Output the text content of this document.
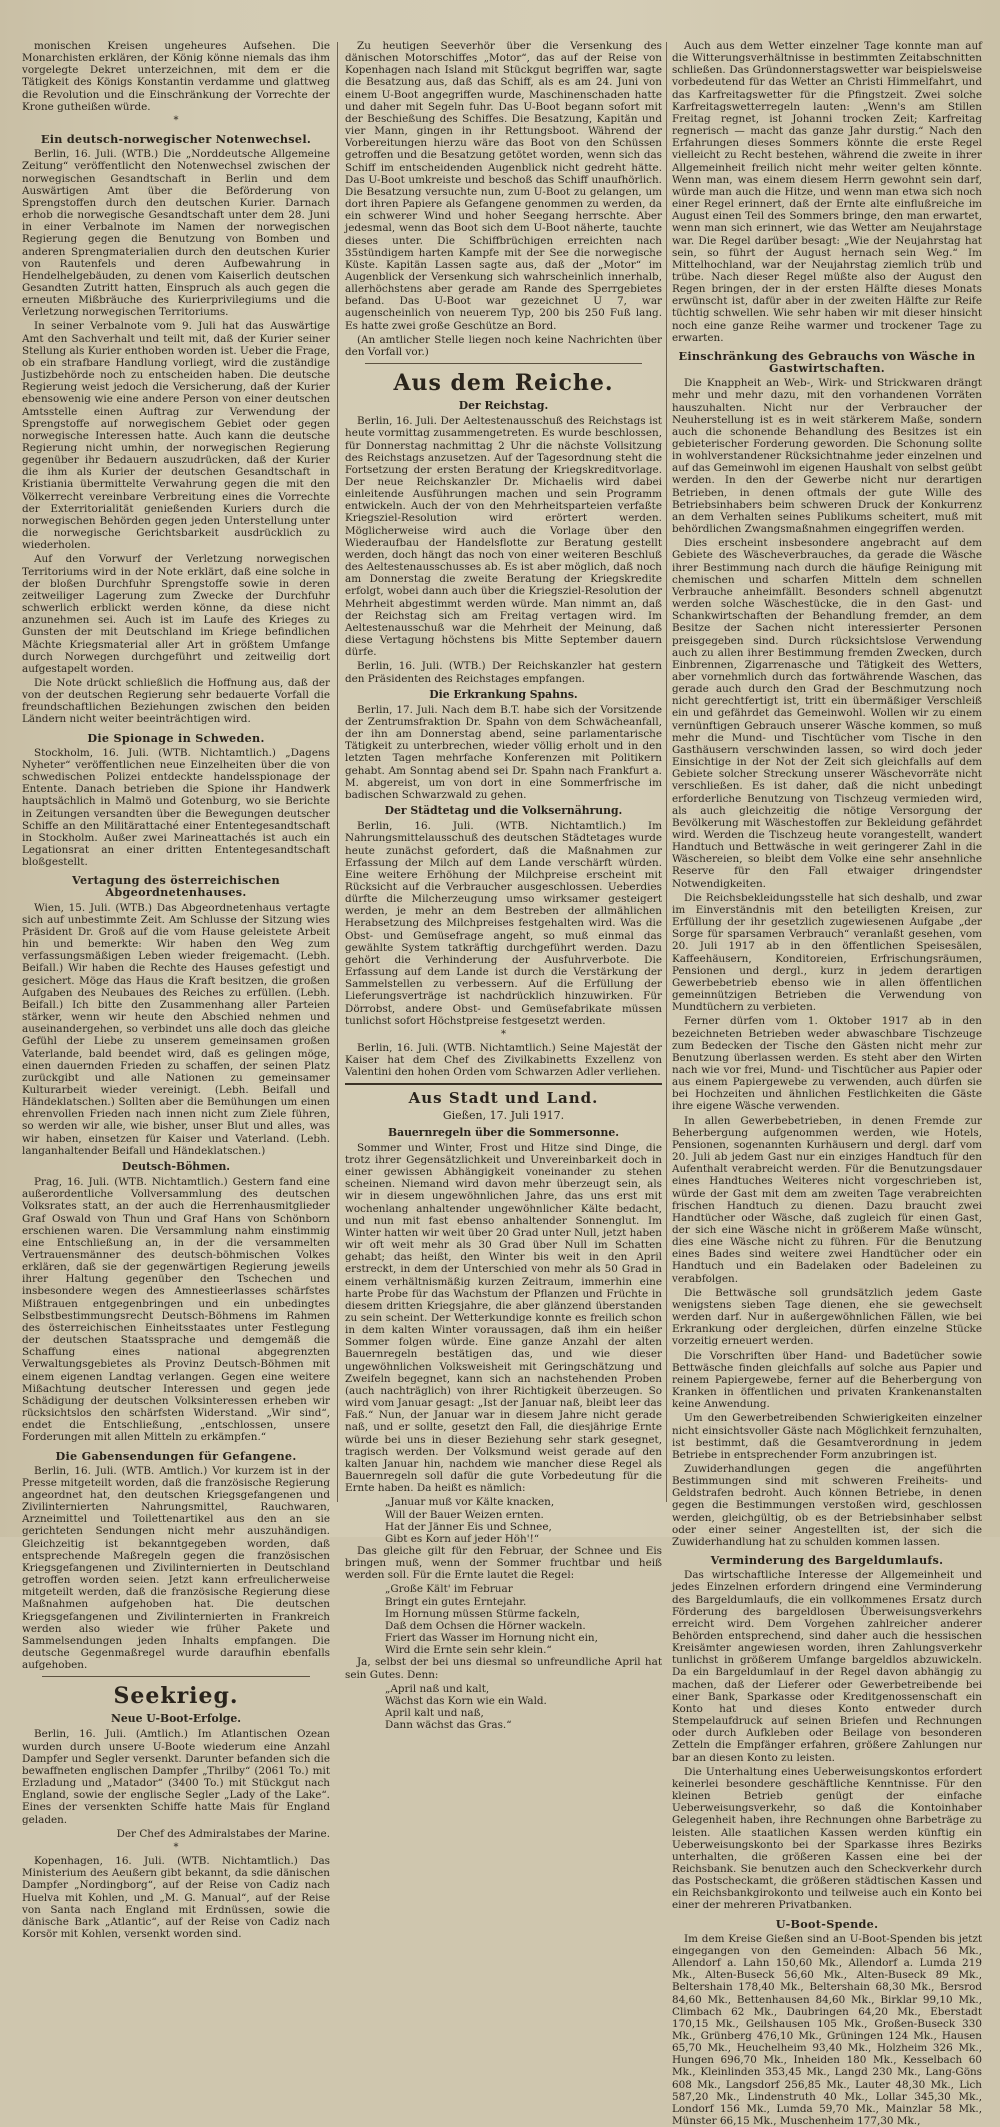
monischen Kreisen ungeheures Aufsehen. Die Monarchisten erklären, der König könne niemals das ihm vorgelegte Dekret unterzeichnen, mit dem er die Tätigkeit des Königs Konstantin verdamme und glattweg die Revolution und die Einschränkung der Vorrechte der Krone gutheißen würde.

*
Ein deutsch-norwegischer Notenwechsel.

Berlin, 16. Juli. (WTB.) Die „Norddeutsche Allgemeine Zeitung“ veröffentlicht den Notenwechsel zwischen der norwegischen Gesandtschaft in Berlin und dem Auswärtigen Amt über die Beförderung von Sprengstoffen durch den deutschen Kurier. Darnach erhob die norwegische Gesandtschaft unter dem 28. Juni in einer Verbalnote im Namen der norwegischen Regierung gegen die Benutzung von Bomben und anderen Sprengmaterialien durch den deutschen Kurier von Rautenfels und deren Aufbewahrung in Hendelhelgebäuden, zu denen vom Kaiserlich deutschen Gesandten Zutritt hatten, Einspruch als auch gegen die erneuten Mißbräuche des Kurierprivilegiums und die Verletzung norwegischen Territoriums.

In seiner Verbalnote vom 9. Juli hat das Auswärtige Amt den Sachverhalt und teilt mit, daß der Kurier seiner Stellung als Kurier enthoben worden ist. Ueber die Frage, ob ein strafbare Handlung vorliegt, wird die zuständige Justizbehörde noch zu entscheiden haben. Die deutsche Regierung weist jedoch die Versicherung, daß der Kurier ebensowenig wie eine andere Person von einer deutschen Amtsstelle einen Auftrag zur Verwendung der Sprengstoffe auf norwegischem Gebiet oder gegen norwegische Interessen hatte. Auch kann die deutsche Regierung nicht umhin, der norwegischen Regierung gegenüber ihr Bedauern auszudrücken, daß der Kurier die ihm als Kurier der deutschen Gesandtschaft in Kristiania übermittelte Verwahrung gegen die mit den Völkerrecht vereinbare Verbreitung eines die Vorrechte der Exterritorialität genießenden Kuriers durch die norwegischen Behörden gegen jeden Unterstellung unter die norwegische Gerichtsbarkeit ausdrücklich zu wiederholen.

Auf den Vorwurf der Verletzung norwegischen Territoriums wird in der Note erklärt, daß eine solche in der bloßen Durchfuhr Sprengstoffe sowie in deren zeitweiliger Lagerung zum Zwecke der Durchfuhr schwerlich erblickt werden könne, da diese nicht anzunehmen sei. Auch ist im Laufe des Krieges zu Gunsten der mit Deutschland im Kriege befindlichen Mächte Kriegsmaterial aller Art in größtem Umfange durch Norwegen durchgeführt und zeitweilig dort aufgestapelt worden.

Die Note drückt schließlich die Hoffnung aus, daß der von der deutschen Regierung sehr bedauerte Vorfall die freundschaftlichen Beziehungen zwischen den beiden Ländern nicht weiter beeinträchtigen wird.

Die Spionage in Schweden.

Stockholm, 16. Juli. (WTB. Nichtamtlich.) „Dagens Nyheter“ veröffentlichen neue Einzelheiten über die von schwedischen Polizei entdeckte handelsspionage der Entente. Danach betrieben die Spione ihr Handwerk hauptsächlich in Malmö und Gotenburg, wo sie Berichte in Zeitungen versandten über die Bewegungen deutscher Schiffe an den Militärattaché einer Ententegesandtschaft in Stockholm. Außer zwei Marineattachés ist auch ein Legationsrat an einer dritten Ententegesandtschaft bloßgestellt.

Vertagung des österreichischen Abgeordnetenhauses.

Wien, 15. Juli. (WTB.) Das Abgeordnetenhaus vertagte sich auf unbestimmte Zeit. Am Schlusse der Sitzung wies Präsident Dr. Groß auf die vom Hause geleistete Arbeit hin und bemerkte: Wir haben den Weg zum verfassungsmäßigen Leben wieder freigemacht. (Lebh. Beifall.) Wir haben die Rechte des Hauses gefestigt und gesichert. Möge das Haus die Kraft besitzen, die großen Aufgaben des Neubaues des Reiches zu erfüllen. (Lebh. Beifall.) Ich bitte den Zusammenhang aller Parteien stärker, wenn wir heute den Abschied nehmen und auseinandergehen, so verbindet uns alle doch das gleiche Gefühl der Liebe zu unserem gemeinsamen großen Vaterlande, bald beendet wird, daß es gelingen möge, einen dauernden Frieden zu schaffen, der seinen Platz zurückgibt und alle Nationen zu gemeinsamer Kulturarbeit wieder vereinigt. (Lebh. Beifall und Händeklatschen.) Sollten aber die Bemühungen um einen ehrenvollen Frieden nach innen nicht zum Ziele führen, so werden wir alle, wie bisher, unser Blut und alles, was wir haben, einsetzen für Kaiser und Vaterland. (Lebh. langanhaltender Beifall und Händeklatschen.)

Deutsch-Böhmen.

Prag, 16. Juli. (WTB. Nichtamtlich.) Gestern fand eine außerordentliche Vollversammlung des deutschen Volksrates statt, an der auch die Herrenhausmitglieder Graf Oswald von Thun und Graf Hans von Schönborn erschienen waren. Die Versammlung nahm einstimmig eine Entschließung an, in der die versammelten Vertrauensmänner des deutsch-böhmischen Volkes erklären, daß sie der gegenwärtigen Regierung jeweils ihrer Haltung gegenüber den Tschechen und insbesondere wegen des Amnestieerlasses schärfstes Mißtrauen entgegenbringen und ein unbedingtes Selbstbestimmungsrecht Deutsch-Böhmens im Rahmen des österreichischen Einheitsstaates unter Festlegung der deutschen Staatssprache und demgemäß die Schaffung eines national abgegrenzten Verwaltungsgebietes als Provinz Deutsch-Böhmen mit einem eigenen Landtag verlangen. Gegen eine weitere Mißachtung deutscher Interessen und gegen jede Schädigung der deutschen Volksinteressen erheben wir rücksichtslos den schärfsten Widerstand. „Wir sind“, endet die Entschließung, „entschlossen, unsere Forderungen mit allen Mitteln zu erkämpfen.“

Die Gabensendungen für Gefangene.

Berlin, 16. Juli. (WTB. Amtlich.) Vor kurzem ist in der Presse mitgeteilt worden, daß die französische Regierung angeordnet hat, den deutschen Kriegsgefangenen und Zivilinternierten Nahrungsmittel, Rauchwaren, Arzneimittel und Toilettenartikel aus den an sie gerichteten Sendungen nicht mehr auszuhändigen. Gleichzeitig ist bekanntgegeben worden, daß entsprechende Maßregeln gegen die französischen Kriegsgefangenen und Zivilinternierten in Deutschland getroffen worden seien. Jetzt kann erfreulicherweise mitgeteilt werden, daß die französische Regierung diese Maßnahmen aufgehoben hat. Die deutschen Kriegsgefangenen und Zivilinternierten in Frankreich werden also wieder wie früher Pakete und Sammelsendungen jeden Inhalts empfangen. Die deutsche Gegenmaßregel wurde daraufhin ebenfalls aufgehoben.

Seekrieg.
Neue U-Boot-Erfolge.

Berlin, 16. Juli. (Amtlich.) Im Atlantischen Ozean wurden durch unsere U-Boote wiederum eine Anzahl Dampfer und Segler versenkt. Darunter befanden sich die bewaffneten englischen Dampfer „Thrilby“ (2061 To.) mit Erzladung und „Matador“ (3400 To.) mit Stückgut nach England, sowie der englische Segler „Lady of the Lake“. Eines der versenkten Schiffe hatte Mais für England geladen.

Der Chef des Admiralstabes der Marine.

*

Kopenhagen, 16. Juli. (WTB. Nichtamtlich.) Das Ministerium des Aeußern gibt bekannt, da sdie dänischen Dampfer „Nordingborg“, auf der Reise von Cadiz nach Huelva mit Kohlen, und „M. G. Manual“, auf der Reise von Santa nach England mit Erdnüssen, sowie die dänische Bark „Atlantic“, auf der Reise von Cadiz nach Korsör mit Kohlen, versenkt worden sind.

Zu heutigen Seeverhör über die Versenkung des dänischen Motorschiffes „Motor“, das auf der Reise von Kopenhagen nach Island mit Stückgut begriffen war, sagte die Besatzung aus, daß das Schiff, als es am 24. Juni von einem U-Boot angegriffen wurde, Maschinenschaden hatte und daher mit Segeln fuhr. Das U-Boot begann sofort mit der Beschießung des Schiffes. Die Besatzung, Kapitän und vier Mann, gingen in ihr Rettungsboot. Während der Vorbereitungen hierzu wäre das Boot von den Schüssen getroffen und die Besatzung getötet worden, wenn sich das Schiff im entscheidenden Augenblick nicht gedreht hätte. Das U-Boot umkreiste und beschoß das Schiff unaufhörlich. Die Besatzung versuchte nun, zum U-Boot zu gelangen, um dort ihren Papiere als Gefangene genommen zu werden, da ein schwerer Wind und hoher Seegang herrschte. Aber jedesmal, wenn das Boot sich dem U-Boot näherte, tauchte dieses unter. Die Schiffbrüchigen erreichten nach 35stündigem harten Kampfe mit der See die norwegische Küste. Kapitän Lassen sagte aus, daß der „Motor“ im Augenblick der Versenkung sich wahrscheinlich innerhalb, allerhöchstens aber gerade am Rande des Sperrgebietes befand. Das U-Boot war gezeichnet U 7, war augenscheinlich von neuerem Typ, 200 bis 250 Fuß lang. Es hatte zwei große Geschütze an Bord.

(An amtlicher Stelle liegen noch keine Nachrichten über den Vorfall vor.)

Aus dem Reiche.
Der Reichstag.

Berlin, 16. Juli. Der Aeltestenausschuß des Reichstags ist heute vormittag zusammengetreten. Es wurde beschlossen, für Donnerstag nachmittag 2 Uhr die nächste Vollsitzung des Reichstags anzusetzen. Auf der Tagesordnung steht die Fortsetzung der ersten Beratung der Kriegskreditvorlage. Der neue Reichskanzler Dr. Michaelis wird dabei einleitende Ausführungen machen und sein Programm entwickeln. Auch der von den Mehrheitsparteien verfaßte Kriegsziel-Resolution wird erörtert werden. Möglicherweise wird auch die Vorlage über den Wiederaufbau der Handelsflotte zur Beratung gestellt werden, doch hängt das noch von einer weiteren Beschluß des Aeltestenausschusses ab. Es ist aber möglich, daß noch am Donnerstag die zweite Beratung der Kriegskredite erfolgt, wobei dann auch über die Kriegsziel-Resolution der Mehrheit abgestimmt werden würde. Man nimmt an, daß der Reichstag sich am Freitag vertagen wird. Im Aeltestenausschuß war die Mehrheit der Meinung, daß diese Vertagung höchstens bis Mitte September dauern dürfe.

Berlin, 16. Juli. (WTB.) Der Reichskanzler hat gestern den Präsidenten des Reichstages empfangen.

Die Erkrankung Spahns.

Berlin, 17. Juli. Nach dem B.T. habe sich der Vorsitzende der Zentrumsfraktion Dr. Spahn von dem Schwächeanfall, der ihn am Donnerstag abend, seine parlamentarische Tätigkeit zu unterbrechen, wieder völlig erholt und in den letzten Tagen mehrfache Konferenzen mit Politikern gehabt. Am Sonntag abend sei Dr. Spahn nach Frankfurt a. M. abgereist, um von dort in eine Sommerfrische im badischen Schwarzwald zu gehen.

Der Städtetag und die Volksernährung.

Berlin, 16. Juli. (WTB. Nichtamtlich.) Im Nahrungsmittelausschuß des deutschen Städtetages wurde heute zunächst gefordert, daß die Maßnahmen zur Erfassung der Milch auf dem Lande verschärft würden. Eine weitere Erhöhung der Milchpreise erscheint mit Rücksicht auf die Verbraucher ausgeschlossen. Ueberdies dürfte die Milcherzeugung umso wirksamer gesteigert werden, je mehr an dem Bestreben der allmählichen Herabsetzung des Milchpreises festgehalten wird. Was die Obst- und Gemüsefrage angeht, so muß einmal das gewählte System tatkräftig durchgeführt werden. Dazu gehört die Verhinderung der Ausfuhrverbote. Die Erfassung auf dem Lande ist durch die Verstärkung der Sammelstellen zu verbessern. Auf die Erfüllung der Lieferungsverträge ist nachdrücklich hinzuwirken. Für Dörrobst, andere Obst- und Gemüsefabrikate müssen tunlichst sofort Höchstpreise festgesetzt werden.

*

Berlin, 16. Juli. (WTB. Nichtamtlich.) Seine Majestät der Kaiser hat dem Chef des Zivilkabinetts Exzellenz von Valentini den hohen Orden vom Schwarzen Adler verliehen.

Aus Stadt und Land.
Gießen, 17. Juli 1917.
Bauernregeln über die Sommersonne.

Sommer und Winter, Frost und Hitze sind Dinge, die trotz ihrer Gegensätzlichkeit und Unvereinbarkeit doch in einer gewissen Abhängigkeit voneinander zu stehen scheinen. Niemand wird davon mehr überzeugt sein, als wir in diesem ungewöhnlichen Jahre, das uns erst mit wochenlang anhaltender ungewöhnlicher Kälte bedacht, und nun mit fast ebenso anhaltender Sonnenglut. Im Winter hatten wir weit über 20 Grad unter Null, jetzt haben wir oft weit mehr als 30 Grad über Null im Schatten gehabt; das heißt, den Winter bis weit in den April erstreckt, in dem der Unterschied von mehr als 50 Grad in einem verhältnismäßig kurzen Zeitraum, immerhin eine harte Probe für das Wachstum der Pflanzen und Früchte in diesem dritten Kriegsjahre, die aber glänzend überstanden zu sein scheint. Der Wetterkundige konnte es freilich schon in dem kalten Winter voraussagen, daß ihm ein heißer Sommer folgen würde. Eine ganze Anzahl der alten Bauernregeln bestätigen das, und wie dieser ungewöhnlichen Volksweisheit mit Geringschätzung und Zweifeln begegnet, kann sich an nachstehenden Proben (auch nachträglich) von ihrer Richtigkeit überzeugen. So wird vom Januar gesagt: „Ist der Januar naß, bleibt leer das Faß.“ Nun, der Januar war in diesem Jahre nicht gerade naß, und er sollte, gesetzt den Fall, die diesjährige Ernte würde bei uns in dieser Beziehung sehr stark gesegnet, tragisch werden. Der Volksmund weist gerade auf den kalten Januar hin, nachdem wie mancher diese Regel als Bauernregeln soll dafür die gute Vorbedeutung für die Ernte haben. Da heißt es nämlich:

„Januar muß vor Kälte knacken,
Will der Bauer Weizen ernten.
Hat der Jänner Eis und Schnee,
Gibt es Korn auf jeder Höh'!“

Das gleiche gilt für den Februar, der Schnee und Eis bringen muß, wenn der Sommer fruchtbar und heiß werden soll. Für die Ernte lautet die Regel:

„Große Kält' im Februar
Bringt ein gutes Erntejahr.
Im Hornung müssen Stürme fackeln,
Daß dem Ochsen die Hörner wackeln.
Friert das Wasser im Hornung nicht ein,
Wird die Ernte sein sehr klein.“

Ja, selbst der bei uns diesmal so unfreundliche April hat sein Gutes. Denn:

„April naß und kalt,
Wächst das Korn wie ein Wald.
April kalt und naß,
Dann wächst das Gras.“

Auch aus dem Wetter einzelner Tage konnte man auf die Witterungsverhältnisse in bestimmten Zeitabschnitten schließen. Das Gründonnerstagswetter war beispielsweise vorbedeutend für das Wetter an Christi Himmelfahrt, und das Karfreitagswetter für die Pfingstzeit. Zwei solche Karfreitagswetterregeln lauten: „Wenn's am Stillen Freitag regnet, ist Johanni trocken Zeit; Karfreitag regnerisch — macht das ganze Jahr durstig.“ Nach den Erfahrungen dieses Sommers könnte die erste Regel vielleicht zu Recht bestehen, während die zweite in ihrer Allgemeinheit freilich nicht mehr weiter gelten könnte. Wenn man, was einem diesem Herrn gewohnt sein darf, würde man auch die Hitze, und wenn man etwa sich noch einer Regel erinnert, daß der Ernte alte einflußreiche im August einen Teil des Sommers bringe, den man erwartet, wenn man sich erinnert, wie das Wetter am Neujahrstage war. Die Regel darüber besagt: „Wie der Neujahrstag hat sein, so führt der August hernach sein Weg.“ Im Mittelhochland, war der Neujahrstag ziemlich trüb und trübe. Nach dieser Regel müßte also der August den Regen bringen, der in der ersten Hälfte dieses Monats erwünscht ist, dafür aber in der zweiten Hälfte zur Reife tüchtig schwellen. Wie sehr haben wir mit dieser hinsicht noch eine ganze Reihe warmer und trockener Tage zu erwarten.

Einschränkung des Gebrauchs von Wäsche in Gastwirtschaften.

Die Knappheit an Web-, Wirk- und Strickwaren drängt mehr und mehr dazu, mit den vorhandenen Vorräten hauszuhalten. Nicht nur der Verbraucher der Neuherstellung ist es in weit stärkerem Maße, sondern auch die schonende Behandlung des Besitzes ist ein gebieterischer Forderung geworden. Die Schonung sollte in wohlverstandener Rücksichtnahme jeder einzelnen und auf das Gemeinwohl im eigenen Haushalt von selbst geübt werden. In den der Gewerbe nicht nur derartigen Betrieben, in denen oftmals der gute Wille des Betriebsinhabers beim schweren Druck der Konkurrenz an dem Verhalten seines Publikums scheitert, muß mit behördlichen Zwangsmaßnahmen eingegriffen werden.

Dies erscheint insbesondere angebracht auf dem Gebiete des Wäscheverbrauches, da gerade die Wäsche ihrer Bestimmung nach durch die häufige Reinigung mit chemischen und scharfen Mitteln dem schnellen Verbrauche anheimfällt. Besonders schnell abgenutzt werden solche Wäschestücke, die in den Gast- und Schankwirtschaften der Behandlung fremder, an dem Besitze der Sachen nicht interessierter Personen preisgegeben sind. Durch rücksichtslose Verwendung auch zu allen ihrer Bestimmung fremden Zwecken, durch Einbrennen, Zigarrenasche und Tätigkeit des Wetters, aber vornehmlich durch das fortwährende Waschen, das gerade auch durch den Grad der Beschmutzung noch nicht gerechtfertigt ist, tritt ein übermäßiger Verschleiß ein und gefährdet das Gemeinwohl. Wollen wir zu einem vernünftigen Gebrauch unserer Wäsche kommen, so muß mehr die Mund- und Tischtücher vom Tische in den Gasthäusern verschwinden lassen, so wird doch jeder Einsichtige in der Not der Zeit sich gleichfalls auf dem Gebiete solcher Streckung unserer Wäschevorräte nicht verschließen. Es ist daher, daß die nicht unbedingt erforderliche Benutzung von Tischzeug vermieden wird, als auch gleichzeitig die nötige Versorgung der Bevölkerung mit Wäschestoffen zur Bekleidung gefährdet wird. Werden die Tischzeug heute vorangestellt, wandert Handtuch und Bettwäsche in weit geringerer Zahl in die Wäschereien, so bleibt dem Volke eine sehr ansehnliche Reserve für den Fall etwaiger dringendster Notwendigkeiten.

Die Reichsbekleidungsstelle hat sich deshalb, und zwar im Einverständnis mit den beteiligten Kreisen, zur Erfüllung der ihr gesetzlich zugewiesenen Aufgabe „der Sorge für sparsamen Verbrauch“ veranlaßt gesehen, vom 20. Juli 1917 ab in den öffentlichen Speisesälen, Kaffeehäusern, Konditoreien, Erfrischungsräumen, Pensionen und dergl., kurz in jedem derartigen Gewerbebetrieb ebenso wie in allen öffentlichen gemeinnützigen Betrieben die Verwendung von Mundtüchern zu verbieten.

Ferner dürfen vom 1. Oktober 1917 ab in den bezeichneten Betrieben weder abwaschbare Tischzeuge zum Bedecken der Tische den Gästen nicht mehr zur Benutzung überlassen werden. Es steht aber den Wirten nach wie vor frei, Mund- und Tischtücher aus Papier oder aus einem Papiergewebe zu verwenden, auch dürfen sie bei Hochzeiten und ähnlichen Festlichkeiten die Gäste ihre eigene Wäsche verwenden.

In allen Gewerbebetrieben, in denen Fremde zur Beherbergung aufgenommen werden, wie Hotels, Pensionen, sogenannten Kurhäusern und dergl. darf vom 20. Juli ab jedem Gast nur ein einziges Handtuch für den Aufenthalt verabreicht werden. Für die Benutzungsdauer eines Handtuches Weiteres nicht vorgeschrieben ist, würde der Gast mit dem am zweiten Tage verabreichten frischen Handtuch zu dienen. Dazu braucht zwei Handtücher oder Wäsche, daß zugleich für einen Gast, der sich eine Wäsche nicht in größerem Maße wünscht, dies eine Wäsche nicht zu führen. Für die Benutzung eines Bades sind weitere zwei Handtücher oder ein Handtuch und ein Badelaken oder Badeleinen zu verabfolgen.

Die Bettwäsche soll grundsätzlich jedem Gaste wenigstens sieben Tage dienen, ehe sie gewechselt werden darf. Nur in außergewöhnlichen Fällen, wie bei Erkrankung oder dergleichen, dürfen einzelne Stücke vorzeitig erneuert werden.

Die Vorschriften über Hand- und Badetücher sowie Bettwäsche finden gleichfalls auf solche aus Papier und reinem Papiergewebe, ferner auf die Beherbergung von Kranken in öffentlichen und privaten Krankenanstalten keine Anwendung.

Um den Gewerbetreibenden Schwierigkeiten einzelner nicht einsichtsvoller Gäste nach Möglichkeit fernzuhalten, ist bestimmt, daß die Gesamtverordnung in jedem Betriebe in entsprechender Form anzubringen ist.

Zuwiderhandlungen gegen die angeführten Bestimmungen sind mit schweren Freiheits- und Geldstrafen bedroht. Auch können Betriebe, in denen gegen die Bestimmungen verstoßen wird, geschlossen werden, gleichgültig, ob es der Betriebsinhaber selbst oder einer seiner Angestellten ist, der sich die Zuwiderhandlung hat zu schulden kommen lassen.

Verminderung des Bargeldumlaufs.

Das wirtschaftliche Interesse der Allgemeinheit und jedes Einzelnen erfordern dringend eine Verminderung des Bargeldumlaufs, die ein vollkommenes Ersatz durch Förderung des bargeldlosen Überweisungsverkehrs erreicht wird. Dem Vorgehen zahlreicher anderer Behörden entsprechend, sind daher auch die hessischen Kreisämter angewiesen worden, ihren Zahlungsverkehr tunlichst in größerem Umfange bargeldlos abzuwickeln. Da ein Bargeldumlauf in der Regel davon abhängig zu machen, daß der Lieferer oder Gewerbetreibende bei einer Bank, Sparkasse oder Kreditgenossenschaft ein Konto hat und dieses Konto entweder durch Stempelaufdruck auf seinen Briefen und Rechnungen oder durch Aufkleben oder Beilage von besonderen Zetteln die Empfänger erfahren, größere Zahlungen nur bar an diesen Konto zu leisten.

Die Unterhaltung eines Ueberweisungskontos erfordert keinerlei besondere geschäftliche Kenntnisse. Für den kleinen Betrieb genügt der einfache Ueberweisungsverkehr, so daß die Kontoinhaber Gelegenheit haben, ihre Rechnungen ohne Barbeträge zu leisten. Alle staatlichen Kassen werden künftig ein Ueberweisungskonto bei der Sparkasse ihres Bezirks unterhalten, die größeren Kassen eine bei der Reichsbank. Sie benutzen auch den Scheckverkehr durch das Postscheckamt, die größeren städtischen Kassen und ein Reichsbankgirokonto und teilweise auch ein Konto bei einer der mehreren Privatbanken.

U-Boot-Spende.

Im dem Kreise Gießen sind an U-Boot-Spenden bis jetzt eingegangen von den Gemeinden: Albach 56 Mk., Allendorf a. Lahn 150,60 Mk., Allendorf a. Lumda 219 Mk., Alten-Buseck 56,60 Mk., Alten-Buseck 89 Mk., Beltershain 178,40 Mk., Beltershain 68,30 Mk., Bersrod 84,60 Mk., Bettenhausen 84,60 Mk., Birklar 99,10 Mk., Climbach 62 Mk., Daubringen 64,20 Mk., Eberstadt 170,15 Mk., Geilshausen 105 Mk., Großen-Buseck 330 Mk., Grünberg 476,10 Mk., Grüningen 124 Mk., Hausen 65,70 Mk., Heuchelheim 93,40 Mk., Holzheim 326 Mk., Hungen 696,70 Mk., Inheiden 180 Mk., Kesselbach 60 Mk., Kleinlinden 353,45 Mk., Langd 230 Mk., Lang-Göns 608 Mk., Langsdorf 256,85 Mk., Lauter 48,30 Mk., Lich 587,20 Mk., Lindenstruth 40 Mk., Lollar 345,30 Mk., Londorf 156 Mk., Lumda 59,70 Mk., Mainzlar 58 Mk., Münster 66,15 Mk., Muschenheim 177,30 Mk.,
